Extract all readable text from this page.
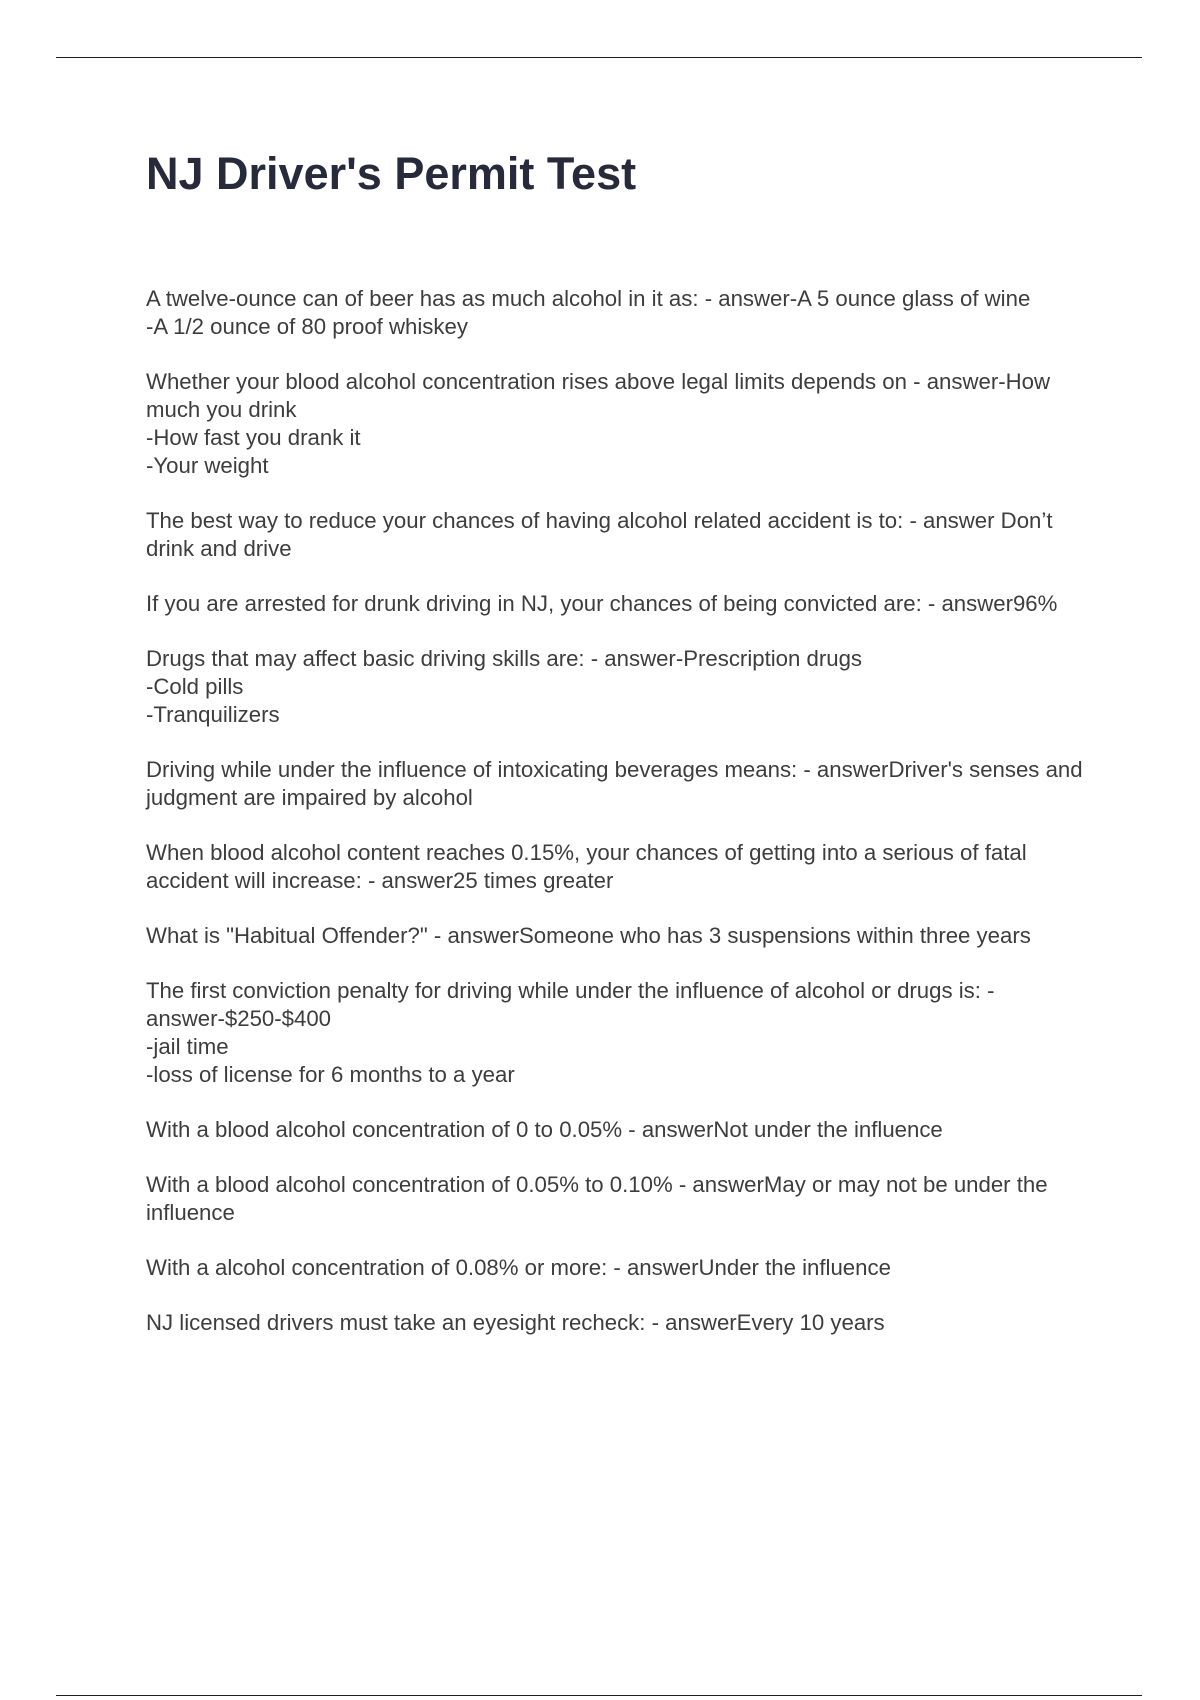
NJ Driver's Permit Test
A twelve-ounce can of beer has as much alcohol in it as: - answer-A 5 ounce glass of wine
-A 1/2 ounce of 80 proof whiskey
Whether your blood alcohol concentration rises above legal limits depends on - answer-How much you drink
-How fast you drank it
-Your weight
The best way to reduce your chances of having alcohol related accident is to: - answer Don’t drink and drive
If you are arrested for drunk driving in NJ, your chances of being convicted are: - answer96%
Drugs that may affect basic driving skills are: - answer-Prescription drugs
-Cold pills
-Tranquilizers
Driving while under the influence of intoxicating beverages means: - answerDriver's senses and judgment are impaired by alcohol
When blood alcohol content reaches 0.15%, your chances of getting into a serious of fatal accident will increase: - answer25 times greater
What is "Habitual Offender?" - answerSomeone who has 3 suspensions within three years
The first conviction penalty for driving while under the influence of alcohol or drugs is: - answer-$250-$400
-jail time
-loss of license for 6 months to a year
With a blood alcohol concentration of 0 to 0.05% - answerNot under the influence
With a blood alcohol concentration of 0.05% to 0.10% - answerMay or may not be under the influence
With a alcohol concentration of 0.08% or more: - answerUnder the influence
NJ licensed drivers must take an eyesight recheck: - answerEvery 10 years
